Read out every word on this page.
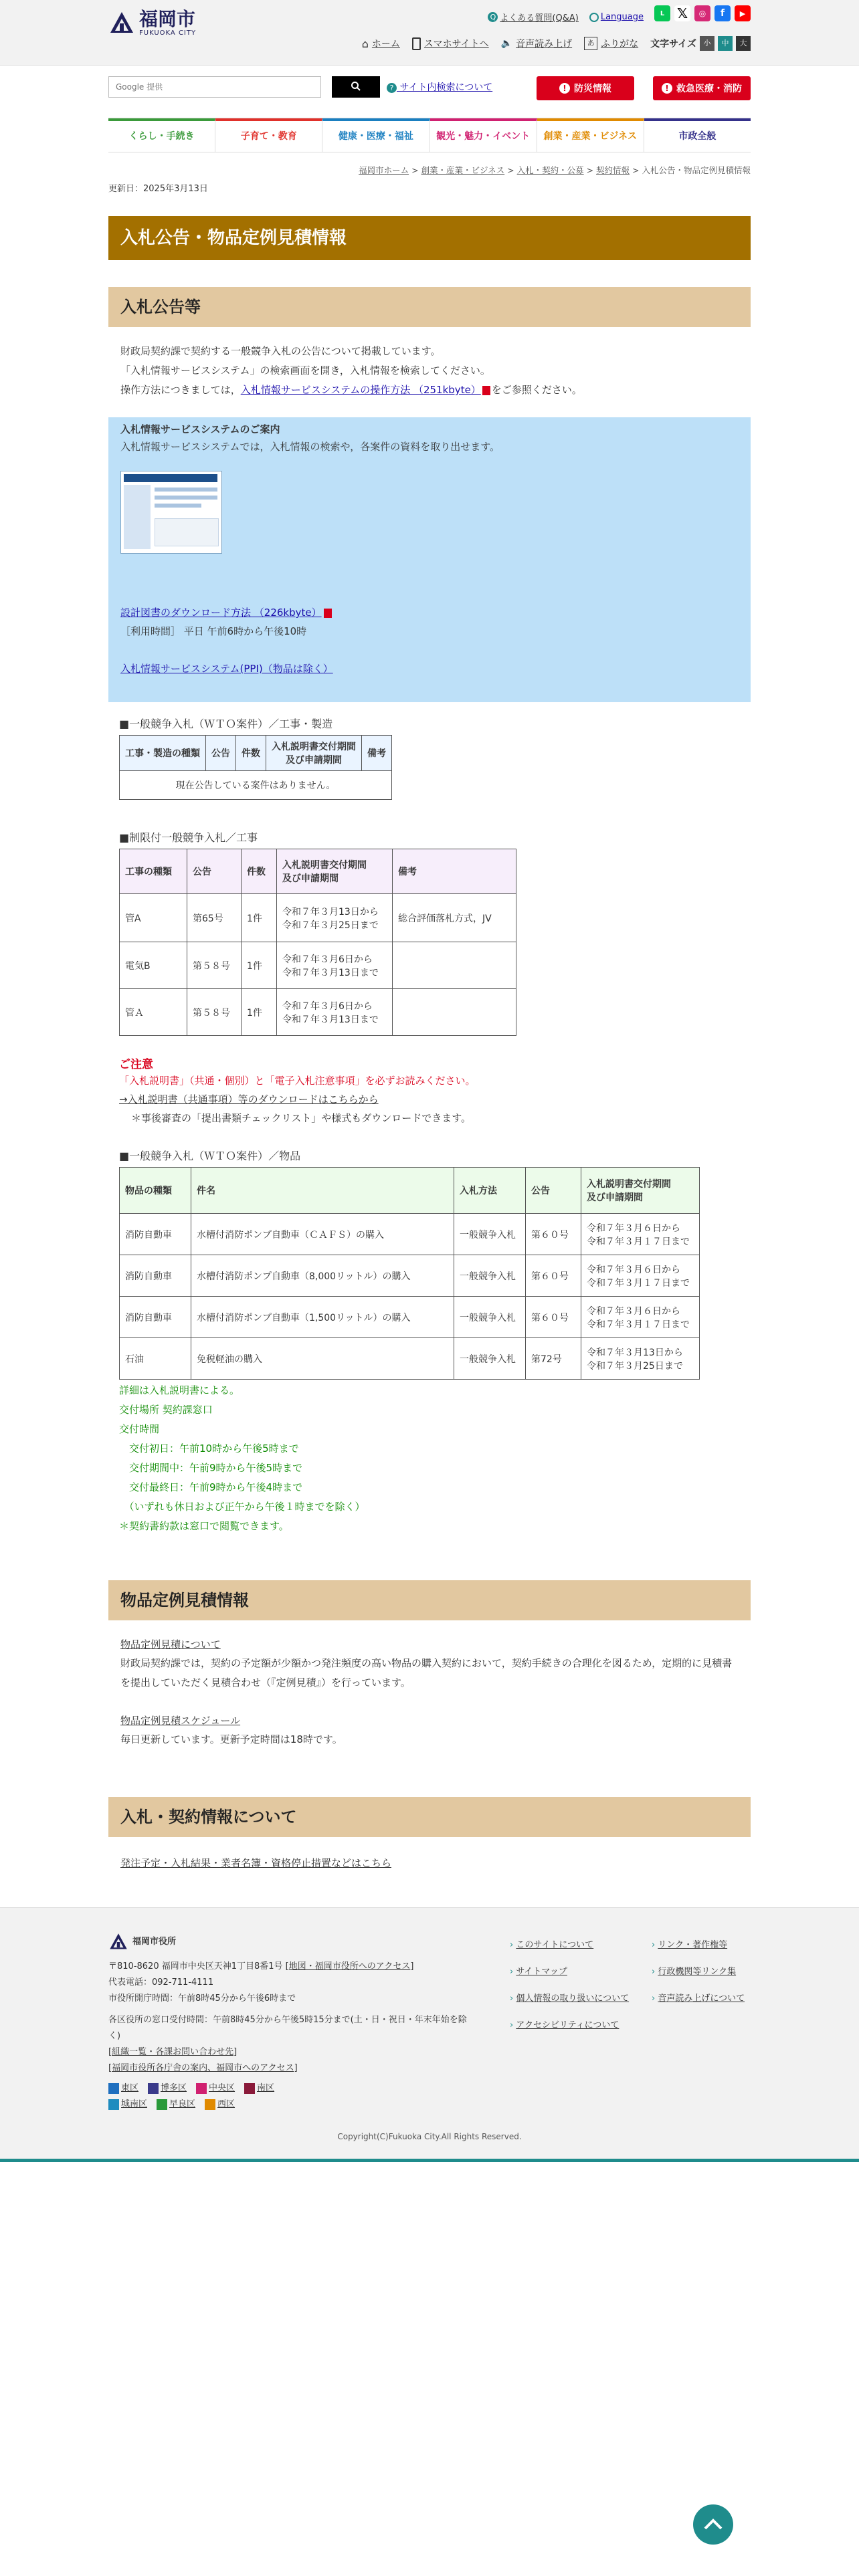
福岡市
FUKUOKA CITY
Q よくある質問(Q&A)	Language	L 𝕏	◎	f	▶
⌂ ホーム	スマホサイトへ 🔈 音声読み上げ	あ ふりがな 文字サイズ 小	中	大
Google 提供
? サイト内検索について	! 防災情報	! 救急医療・消防
くらし・手続き	子育て・教育	健康・医療・福祉	観光・魅力・イベント	創業・産業・ビジネス	市政全般
福岡市ホーム > 創業・産業・ビジネス > 入札・契約・公募 > 契約情報 > 入札公告・物品定例見積情報
更新日：2025年3月13日
入札公告・物品定例見積情報
入札公告等
財政局契約課で契約する一般競争入札の公告について掲載しています。
「入札情報サービスシステム」の検索画面を開き，入札情報を検索してください。
操作方法につきましては，入札情報サービスシステムの操作方法 （251kbyte） をご参照ください。
入札情報サービスシステムのご案内
入札情報サービスシステムでは，入札情報の検索や，各案件の資料を取り出せます。
設計図書のダウンロード方法 （226kbyte）
［利用時間］ 平日 午前6時から午後10時
入札情報サービスシステム(PPI)（物品は除く）
■一般競争入札（ＷＴＯ案件）／工事・製造
工事・製造の種類	公告	件数	入札説明書交付期間
及び申請期間	備考
現在公告している案件はありません。
■制限付一般競争入札／工事
工事の種類	公告	件数	入札説明書交付期間
及び申請期間	備考
管A	第65号	1件	令和７年３月13日から
令和７年３月25日まで	総合評価落札方式，JV
電気B	第５８号	1件	令和７年３月6日から
令和７年３月13日まで	
管Ａ	第５８号	1件	令和７年３月6日から
令和７年３月13日まで	
ご注意
「入札説明書」（共通・個別）と「電子入札注意事項」を必ずお読みください。
→入札説明書（共通事項）等のダウンロードはこちらから
＊事後審査の「提出書類チェックリスト」や様式もダウンロードできます。
■一般競争入札（ＷＴＯ案件）／物品
物品の種類	件名	入札方法	公告	入札説明書交付期間
及び申請期間
消防自動車	水槽付消防ポンプ自動車（ＣＡＦＳ）の購入	一般競争入札	第６０号	令和７年３月６日から
令和７年３月１７日まで
消防自動車	水槽付消防ポンプ自動車（8,000リットル）の購入	一般競争入札	第６０号	令和７年３月６日から
令和７年３月１７日まで
消防自動車	水槽付消防ポンプ自動車（1,500リットル）の購入	一般競争入札	第６０号	令和７年３月６日から
令和７年３月１７日まで
石油	免税軽油の購入	一般競争入札	第72号	令和７年３月13日から
令和７年３月25日まで
詳細は入札説明書による。
交付場所 契約課窓口
交付時間
　交付初日：午前10時から午後5時まで
　交付期間中：午前9時から午後5時まで
　交付最終日：午前9時から午後4時まで
　（いずれも休日および正午から午後１時までを除く）
＊契約書約款は窓口で閲覧できます。
物品定例見積情報
物品定例見積について
財政局契約課では，契約の予定額が少額かつ発注頻度の高い物品の購入契約において，契約手続きの合理化を図るため，定期的に見積書を提出していただく見積合わせ（『定例見積』）を行っています。
物品定例見積スケジュール
毎日更新しています。更新予定時間は18時です。
入札・契約情報について
発注予定・入札結果・業者名簿・資格停止措置などはこちら
福岡市役所
〒810-8620 福岡市中央区天神1丁目8番1号 [地図・福岡市役所へのアクセス]
代表電話：092-711-4111
市役所開庁時間：午前8時45分から午後6時まで
各区役所の窓口受付時間：午前8時45分から午後5時15分まで(土・日・祝日・年末年始を除く)
[組織一覧・各課お問い合わせ先]
[福岡市役所各庁舎の案内、福岡市へのアクセス]
東区	博多区	中央区	南区
城南区	早良区	西区
› このサイトについて
› サイトマップ
› 個人情報の取り扱いについて
› アクセシビリティについて
› リンク・著作権等
› 行政機関等リンク集
› 音声読み上げについて
Copyright(C)Fukuoka City.All Rights Reserved.
